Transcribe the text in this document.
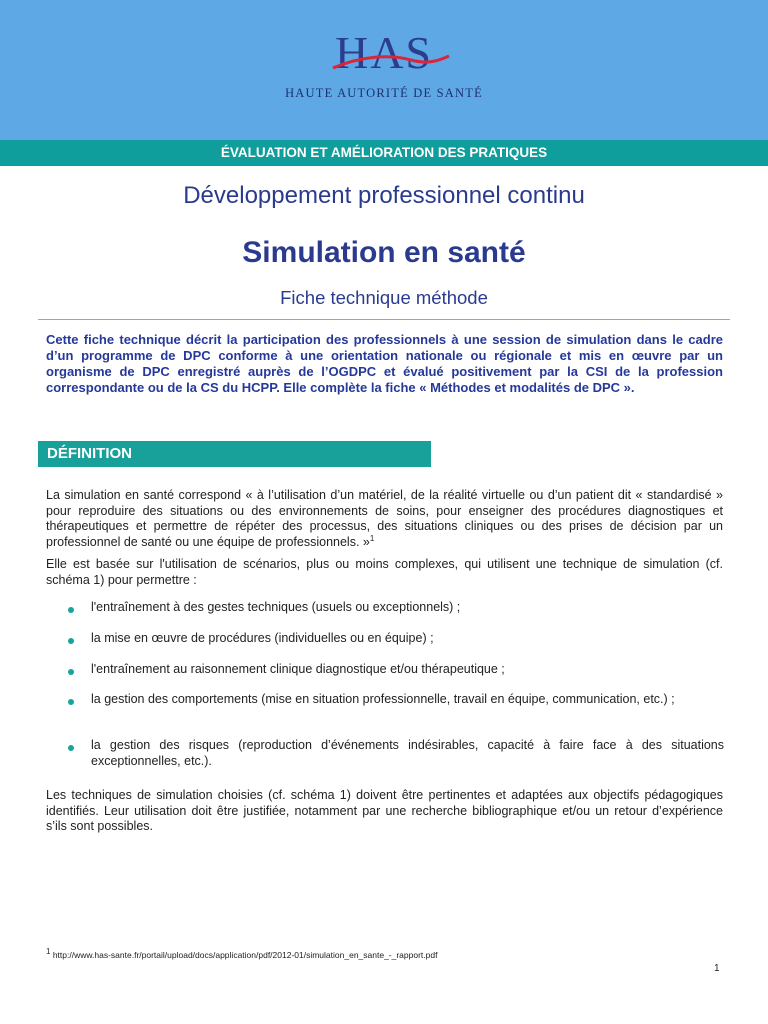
HAS
HAUTE AUTORITÉ DE SANTÉ
ÉVALUATION ET AMÉLIORATION DES PRATIQUES
Développement professionnel continu
Simulation en santé
Fiche technique méthode
Cette fiche technique décrit la participation des professionnels à une session de simulation dans le cadre d’un programme de DPC conforme à une orientation nationale ou régionale et mis en œuvre par un organisme de DPC enregistré auprès de l’OGDPC et évalué positivement par la CSI de la profession correspondante ou de la CS du HCPP. Elle complète la fiche « Méthodes et modalités de DPC ».
DÉFINITION
La simulation en santé correspond « à l’utilisation d’un matériel, de la réalité virtuelle ou d’un patient dit « standardisé » pour reproduire des situations ou des environnements de soins, pour enseigner des procédures diagnostiques et thérapeutiques et permettre de répéter des processus, des situations cliniques ou des prises de décision par un professionnel de santé ou une équipe de professionnels. »$^1$
Elle est basée sur l'utilisation de scénarios, plus ou moins complexes, qui utilisent une technique de simulation (cf. schéma 1) pour permettre :
l'entraînement à des gestes techniques (usuels ou exceptionnels) ;
la mise en œuvre de procédures (individuelles ou en équipe) ;
l'entraînement au raisonnement clinique diagnostique et/ou thérapeutique ;
la gestion des comportements (mise en situation professionnelle, travail en équipe, communication, etc.) ;
la gestion des risques (reproduction d’événements indésirables, capacité à faire face à des situations exceptionnelles, etc.).
Les techniques de simulation choisies (cf. schéma 1) doivent être pertinentes et adaptées aux objectifs pédagogiques identifiés. Leur utilisation doit être justifiée, notamment par une recherche bibliographique et/ou un retour d’expérience s’ils sont possibles.
$^1$ http://www.has-sante.fr/portail/upload/docs/application/pdf/2012-01/simulation_en_sante_-_rapport.pdf
1
